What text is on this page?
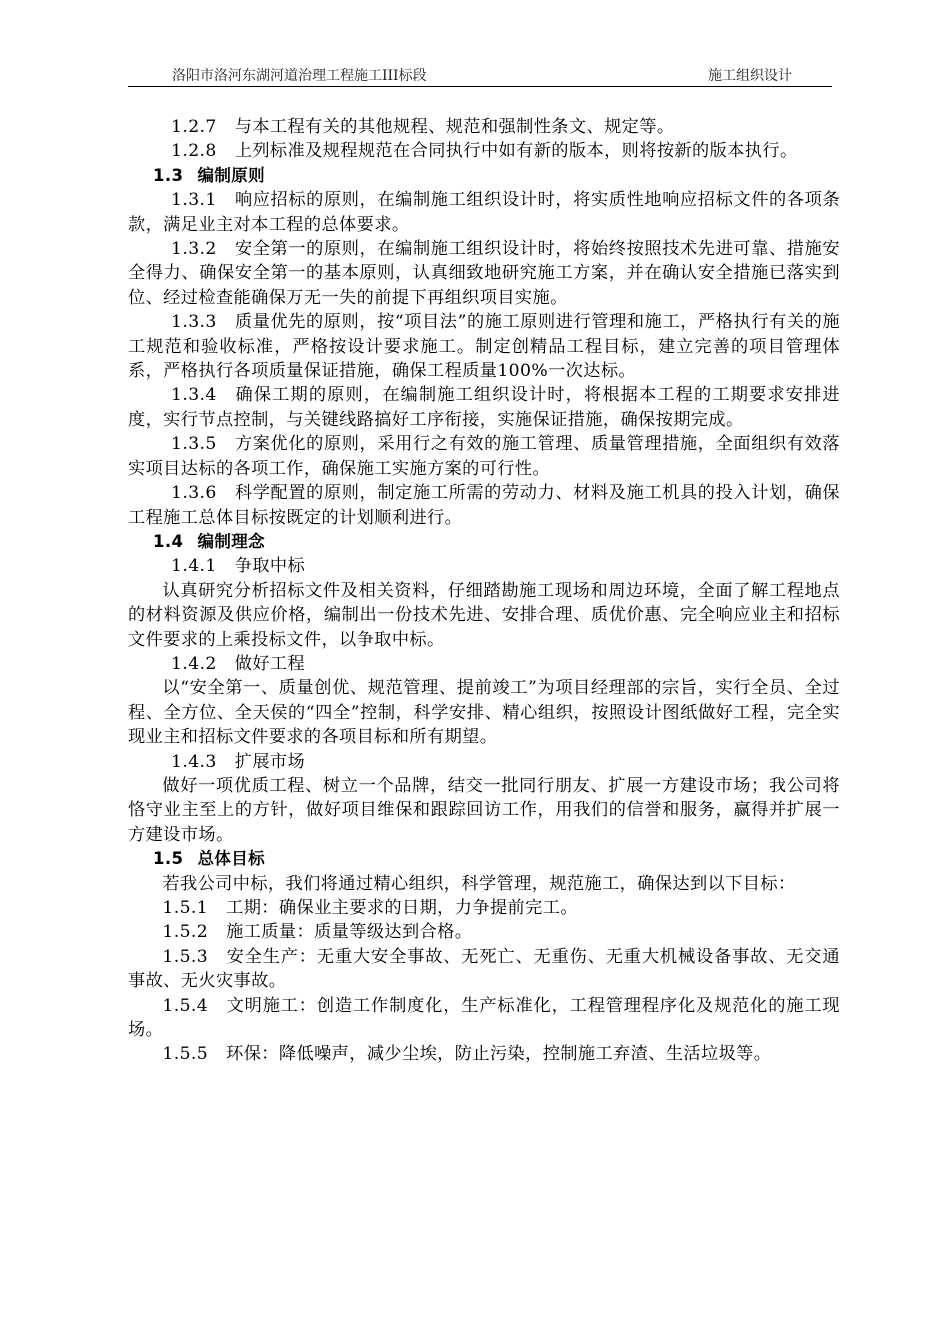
洛阳市洛河东湖河道治理工程施工III标段	施工组织设计

1.2.7 与本工程有关的其他规程、规范和强制性条文、规定等。

1.2.8 上列标准及规程规范在合同执行中如有新的版本，则将按新的版本执行。

1.3 编制原则

1.3.1 响应招标的原则，在编制施工组织设计时，将实质性地响应招标文件的各项条款，满足业主对本工程的总体要求。

1.3.2 安全第一的原则，在编制施工组织设计时，将始终按照技术先进可靠、措施安全得力、确保安全第一的基本原则，认真细致地研究施工方案，并在确认安全措施已落实到位、经过检查能确保万无一失的前提下再组织项目实施。

1.3.3 质量优先的原则，按“项目法”的施工原则进行管理和施工，严格执行有关的施工规范和验收标准，严格按设计要求施工。制定创精品工程目标，建立完善的项目管理体系，严格执行各项质量保证措施，确保工程质量100%一次达标。

1.3.4 确保工期的原则，在编制施工组织设计时，将根据本工程的工期要求安排进度，实行节点控制，与关键线路搞好工序衔接，实施保证措施，确保按期完成。

1.3.5 方案优化的原则，采用行之有效的施工管理、质量管理措施，全面组织有效落实项目达标的各项工作，确保施工实施方案的可行性。

1.3.6 科学配置的原则，制定施工所需的劳动力、材料及施工机具的投入计划，确保工程施工总体目标按既定的计划顺利进行。

1.4 编制理念

1.4.1 争取中标

认真研究分析招标文件及相关资料，仔细踏勘施工现场和周边环境，全面了解工程地点的材料资源及供应价格，编制出一份技术先进、安排合理、质优价惠、完全响应业主和招标文件要求的上乘投标文件，以争取中标。

1.4.2 做好工程

以“安全第一、质量创优、规范管理、提前竣工”为项目经理部的宗旨，实行全员、全过程、全方位、全天侯的“四全”控制，科学安排、精心组织，按照设计图纸做好工程，完全实现业主和招标文件要求的各项目标和所有期望。

1.4.3 扩展市场

做好一项优质工程、树立一个品牌，结交一批同行朋友、扩展一方建设市场；我公司将恪守业主至上的方针，做好项目维保和跟踪回访工作，用我们的信誉和服务，赢得并扩展一方建设市场。

1.5 总体目标

若我公司中标，我们将通过精心组织，科学管理，规范施工，确保达到以下目标：

1.5.1 工期：确保业主要求的日期，力争提前完工。

1.5.2 施工质量：质量等级达到合格。

1.5.3 安全生产：无重大安全事故、无死亡、无重伤、无重大机械设备事故、无交通事故、无火灾事故。

1.5.4 文明施工：创造工作制度化，生产标准化，工程管理程序化及规范化的施工现场。

1.5.5 环保：降低噪声，减少尘埃，防止污染，控制施工弃渣、生活垃圾等。
